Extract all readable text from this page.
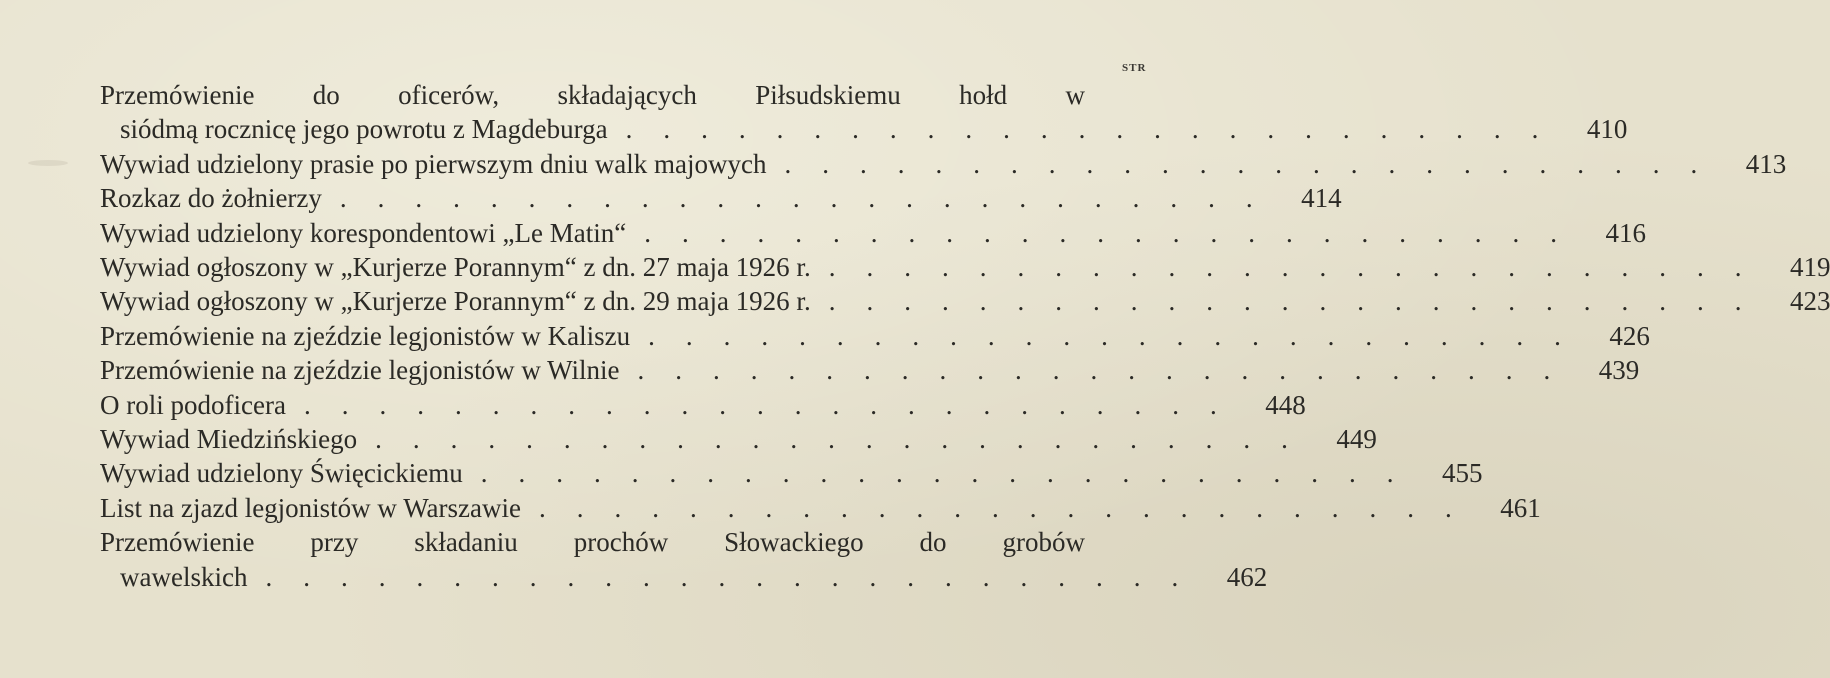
STR
Przemówienie do oficerów, składających Piłsudskiemu hołd w
siódmą rocznicę jego powrotu z Magdeburga ......................... 410
Wywiad udzielony prasie po pierwszym dniu walk majowych ......................... 413
Rozkaz do żołnierzy ......................... 414
Wywiad udzielony korespondentowi „Le Matin“ ......................... 416
Wywiad ogłoszony w „Kurjerze Porannym“ z dn. 27 maja 1926 r. ......................... 419
Wywiad ogłoszony w „Kurjerze Porannym“ z dn. 29 maja 1926 r. ......................... 423
Przemówienie na zjeździe legjonistów w Kaliszu ......................... 426
Przemówienie na zjeździe legjonistów w Wilnie ......................... 439
O roli podoficera ......................... 448
Wywiad Miedzińskiego ......................... 449
Wywiad udzielony Święcickiemu ......................... 455
List na zjazd legjonistów w Warszawie ......................... 461
Przemówienie przy składaniu prochów Słowackiego do grobów
wawelskich ......................... 462
